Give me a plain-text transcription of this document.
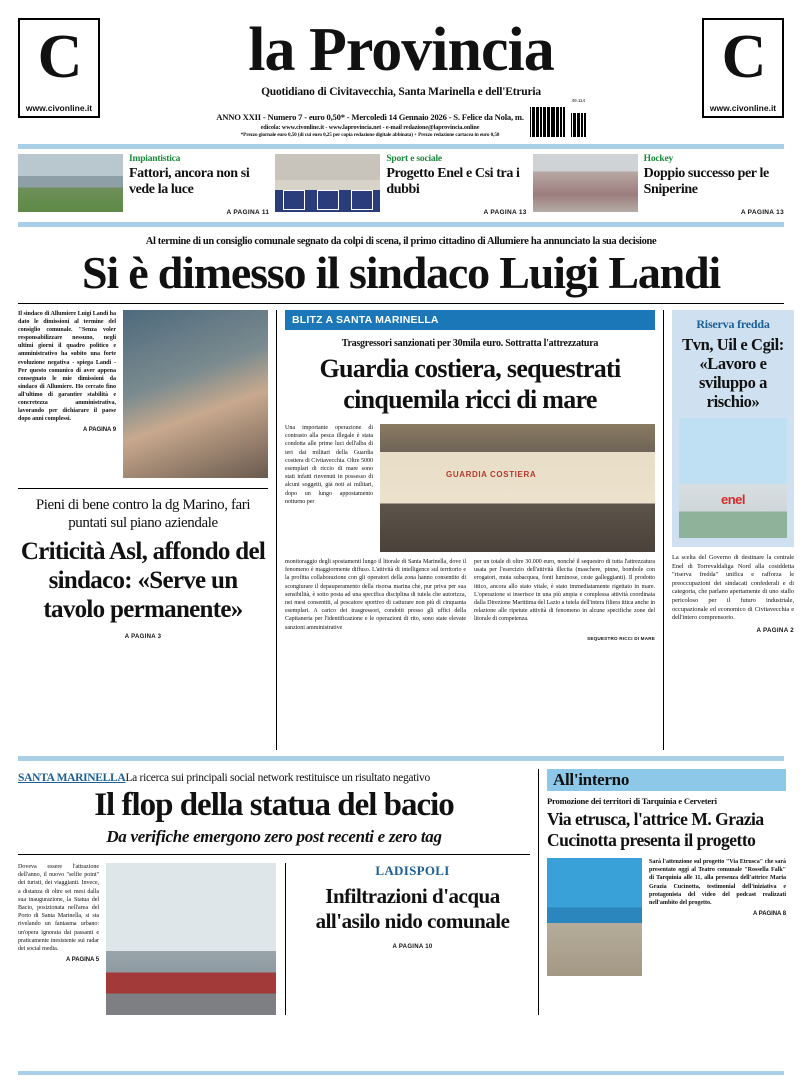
C
www.civonline.it
la Provincia
Quotidiano di Civitavecchia, Santa Marinella e dell'Etruria
ANNO XXII - Numero 7 - euro 0,50* - Mercoledì 14 Gennaio 2026 - S. Felice da Nola, m.
edicola: www.civonline.it - www.laprovincia.net - e-mail redazione@laprovincia.online
*Prezzo giornale euro 0,50 (di cui euro 0,25 per copia redazione digitale abbinata) + Prezzo redazione cartacea in euro 0,50
49.114
C
www.civonline.it
Impiantistica
Fattori, ancora non si vede la luce
A PAGINA 11
Sport e sociale
Progetto Enel e Csi tra i dubbi
A PAGINA 13
Hockey
Doppio successo per le Sniperine
A PAGINA 13
Al termine di un consiglio comunale segnato da colpi di scena, il primo cittadino di Allumiere ha annunciato la sua decisione
Si è dimesso il sindaco Luigi Landi
Il sindaco di Allumiere Luigi Landi ha dato le dimissioni al termine del consiglio comunale. "Senza voler responsabilizzare nessuno, negli ultimi giorni il quadro politico e amministrativo ha subito una forte evoluzione negativa - spiega Landi - Per questo comunico di aver appena consegnato le mie dimissioni da sindaco di Allumiere. Ho cercato fino all'ultimo di garantire stabilità e concretezza amministrativa, lavorando per dichiarare il paese dopo anni complessi.
A PAGINA 9
Pieni di bene contro la dg Marino, fari puntati sul piano aziendale
Criticità Asl, affondo del sindaco: «Serve un tavolo permanente»
A PAGINA 3
BLITZ A SANTA MARINELLA
Trasgressori sanzionati per 30mila euro. Sottratta l'attrezzatura
Guardia costiera, sequestrati cinquemila ricci di mare
Una importante operazione di contrasto alla pesca illegale è stata condotta alle prime luci dell'alba di ieri dai militari della Guardia costiera di Civitavecchia. Oltre 5000 esemplari di riccio di mare sono stati infatti rinvenuti in possesso di alcuni soggetti, già noti ai militari, dopo un lungo appostamento notturno per
GUARDIA COSTIERA
monitoraggio degli spostamenti lungo il litorale di Santa Marinella, dove il fenomeno è maggiormente diffuso. L'attività di intelligence sul territorio e la profitta collaborazione con gli operatori della zona hanno consentito di scongiurare il depauperamento della risorsa marina che, pur priva per sua sensibilità, è sotto posta ad una specifica disciplina di tutela che autorizza, nei mesi consentiti, al pescatore sportivo di catturare non più di cinquanta esemplari. A carico dei trasgressori, condotti presso gli uffici della Capitaneria per l'identificazione e le operazioni di rito, sono state elevate sanzioni amministrative
per un totale di oltre 30.000 euro, nonché il sequestro di tutta l'attrezzatura usata per l'esercizio dell'attività illecita (maschere, pinne, bombole con erogatori, muta subacquea, fonti luminose, ceste galleggianti). Il prodotto ittico, ancora allo stato vitale, è stato immediatamente rigettato in mare. L'operazione si inserisce in una più ampia e complessa attività coordinata dalla Direzione Marittima del Lazio a tutela dell'intera filiera ittica anche in relazione alle ripetute attività di fenomeno in alcune specifiche zone del litorale di competenza.
SEQUESTRO RICCI DI MARE
Riserva fredda
Tvn, Uil e Cgil: «Lavoro e sviluppo a rischio»
enel
La scelta del Governo di destinare la centrale Enel di Torrevaldaliga Nord alla cosiddetta "riserva fredda" unifica e rafforza le preoccupazioni dei sindacati confederali e di categoria, che parlano apertamente di uno stallo pericoloso per il futuro industriale, occupazionale ed economico di Civitavecchia e dell'intero comprensorio.
A PAGINA 2
SANTA MARINELLALa ricerca sui principali social network restituisce un risultato negativo
Il flop della statua del bacio
Da verifiche emergono zero post recenti e zero tag
Doveva essere l'attrazione dell'anno, il nuovo "selfie point" dei turisti, dei viaggianti. Invece, a distanza di oltre sei mesi dalla sua inaugurazione, la Statua del Bacio, posizionata nell'area del Porto di Santa Marinella, si sta rivelando un fantasma urbano: un'opera ignorata dai passanti e praticamente inesistente sui radar dei social media.
A PAGINA 5
LADISPOLI
Infiltrazioni d'acqua all'asilo nido comunale
A PAGINA 10
All'interno
Promozione dei territori di Tarquinia e Cerveteri
Via etrusca, l'attrice M. Grazia Cucinotta presenta il progetto
Sarà l'attenzione sul progetto "Via Etrusca" che sarà presentato oggi al Teatro comunale "Rossella Falk" di Tarquinia alle 11, alla presenza dell'attrice Maria Grazia Cucinotta, testimonial dell'iniziativa e protagonista del video del podcast realizzati nell'ambito del progetto.
A PAGINA 8
